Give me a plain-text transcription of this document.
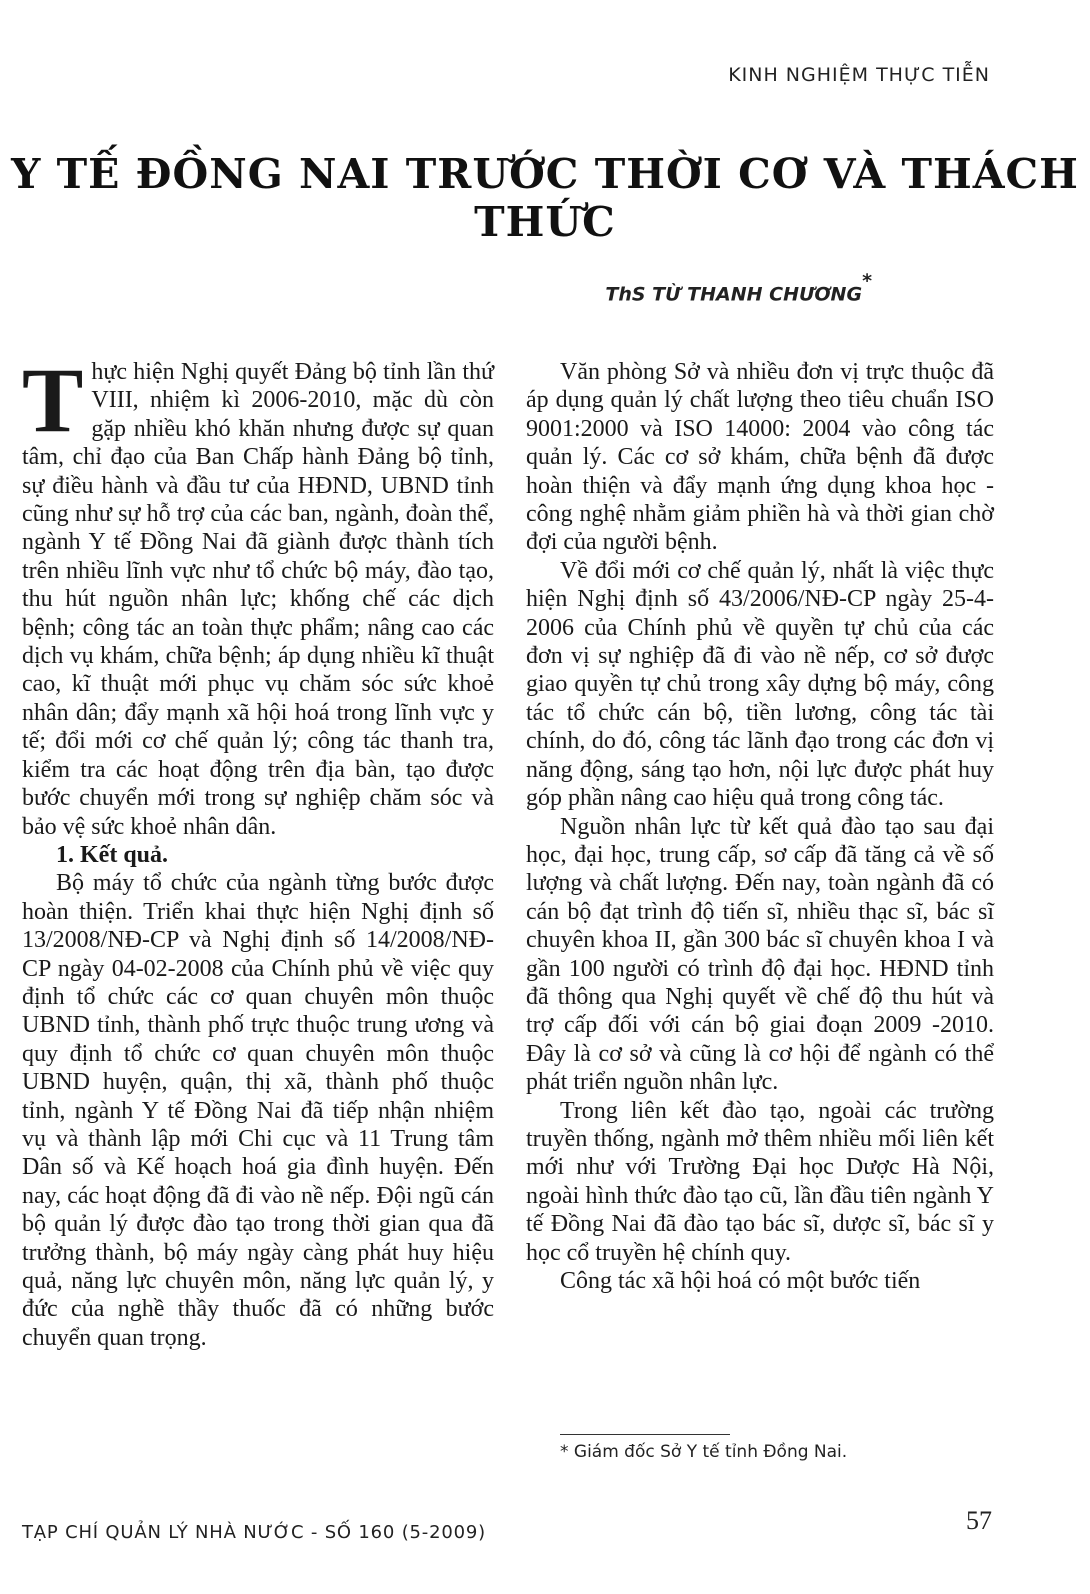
KINH NGHIỆM THỰC TIỄN
Y TẾ ĐỒNG NAI TRƯỚC THỜI CƠ VÀ THÁCH THỨC
ThS TỪ THANH CHƯƠNG*

Thực hiện Nghị quyết Đảng bộ tỉnh lần thứ VIII, nhiệm kì 2006-2010, mặc dù còn gặp nhiều khó khăn nhưng được sự quan tâm, chỉ đạo của Ban Chấp hành Đảng bộ tỉnh, sự điều hành và đầu tư của HĐND, UBND tỉnh cũng như sự hỗ trợ của các ban, ngành, đoàn thể, ngành Y tế Đồng Nai đã giành được thành tích trên nhiều lĩnh vực như tổ chức bộ máy, đào tạo, thu hút nguồn nhân lực; khống chế các dịch bệnh; công tác an toàn thực phẩm; nâng cao các dịch vụ khám, chữa bệnh; áp dụng nhiều kĩ thuật cao, kĩ thuật mới phục vụ chăm sóc sức khoẻ nhân dân; đẩy mạnh xã hội hoá trong lĩnh vực y tế; đổi mới cơ chế quản lý; công tác thanh tra, kiểm tra các hoạt động trên địa bàn, tạo được bước chuyển mới trong sự nghiệp chăm sóc và bảo vệ sức khoẻ nhân dân.

1. Kết quả.

Bộ máy tổ chức của ngành từng bước được hoàn thiện. Triển khai thực hiện Nghị định số 13/2008/NĐ-CP và Nghị định số 14/2008/NĐ-CP ngày 04-02-2008 của Chính phủ về việc quy định tổ chức các cơ quan chuyên môn thuộc UBND tỉnh, thành phố trực thuộc trung ương và quy định tổ chức cơ quan chuyên môn thuộc UBND huyện, quận, thị xã, thành phố thuộc tỉnh, ngành Y tế Đồng Nai đã tiếp nhận nhiệm vụ và thành lập mới Chi cục và 11 Trung tâm Dân số và Kế hoạch hoá gia đình huyện. Đến nay, các hoạt động đã đi vào nề nếp. Đội ngũ cán bộ quản lý được đào tạo trong thời gian qua đã trưởng thành, bộ máy ngày càng phát huy hiệu quả, năng lực chuyên môn, năng lực quản lý, y đức của nghề thầy thuốc đã có những bước chuyển quan trọng.

Văn phòng Sở và nhiều đơn vị trực thuộc đã áp dụng quản lý chất lượng theo tiêu chuẩn ISO 9001:2000 và ISO 14000: 2004 vào công tác quản lý. Các cơ sở khám, chữa bệnh đã được hoàn thiện và đẩy mạnh ứng dụng khoa học - công nghệ nhằm giảm phiền hà và thời gian chờ đợi của người bệnh.

Về đổi mới cơ chế quản lý, nhất là việc thực hiện Nghị định số 43/2006/NĐ-CP ngày 25-4-2006 của Chính phủ về quyền tự chủ của các đơn vị sự nghiệp đã đi vào nề nếp, cơ sở được giao quyền tự chủ trong xây dựng bộ máy, công tác tổ chức cán bộ, tiền lương, công tác tài chính, do đó, công tác lãnh đạo trong các đơn vị năng động, sáng tạo hơn, nội lực được phát huy góp phần nâng cao hiệu quả trong công tác.

Nguồn nhân lực từ kết quả đào tạo sau đại học, đại học, trung cấp, sơ cấp đã tăng cả về số lượng và chất lượng. Đến nay, toàn ngành đã có cán bộ đạt trình độ tiến sĩ, nhiều thạc sĩ, bác sĩ chuyên khoa II, gần 300 bác sĩ chuyên khoa I và gần 100 người có trình độ đại học. HĐND tỉnh đã thông qua Nghị quyết về chế độ thu hút và trợ cấp đối với cán bộ giai đoạn 2009 -2010. Đây là cơ sở và cũng là cơ hội để ngành có thể phát triển nguồn nhân lực.

Trong liên kết đào tạo, ngoài các trường truyền thống, ngành mở thêm nhiều mối liên kết mới như với Trường Đại học Dược Hà Nội, ngoài hình thức đào tạo cũ, lần đầu tiên ngành Y tế Đồng Nai đã đào tạo bác sĩ, dược sĩ, bác sĩ y học cổ truyền hệ chính quy.

Công tác xã hội hoá có một bước tiến

* Giám đốc Sở Y tế tỉnh Đồng Nai.
TẠP CHÍ QUẢN LÝ NHÀ NƯỚC - SỐ 160 (5-2009)	57
